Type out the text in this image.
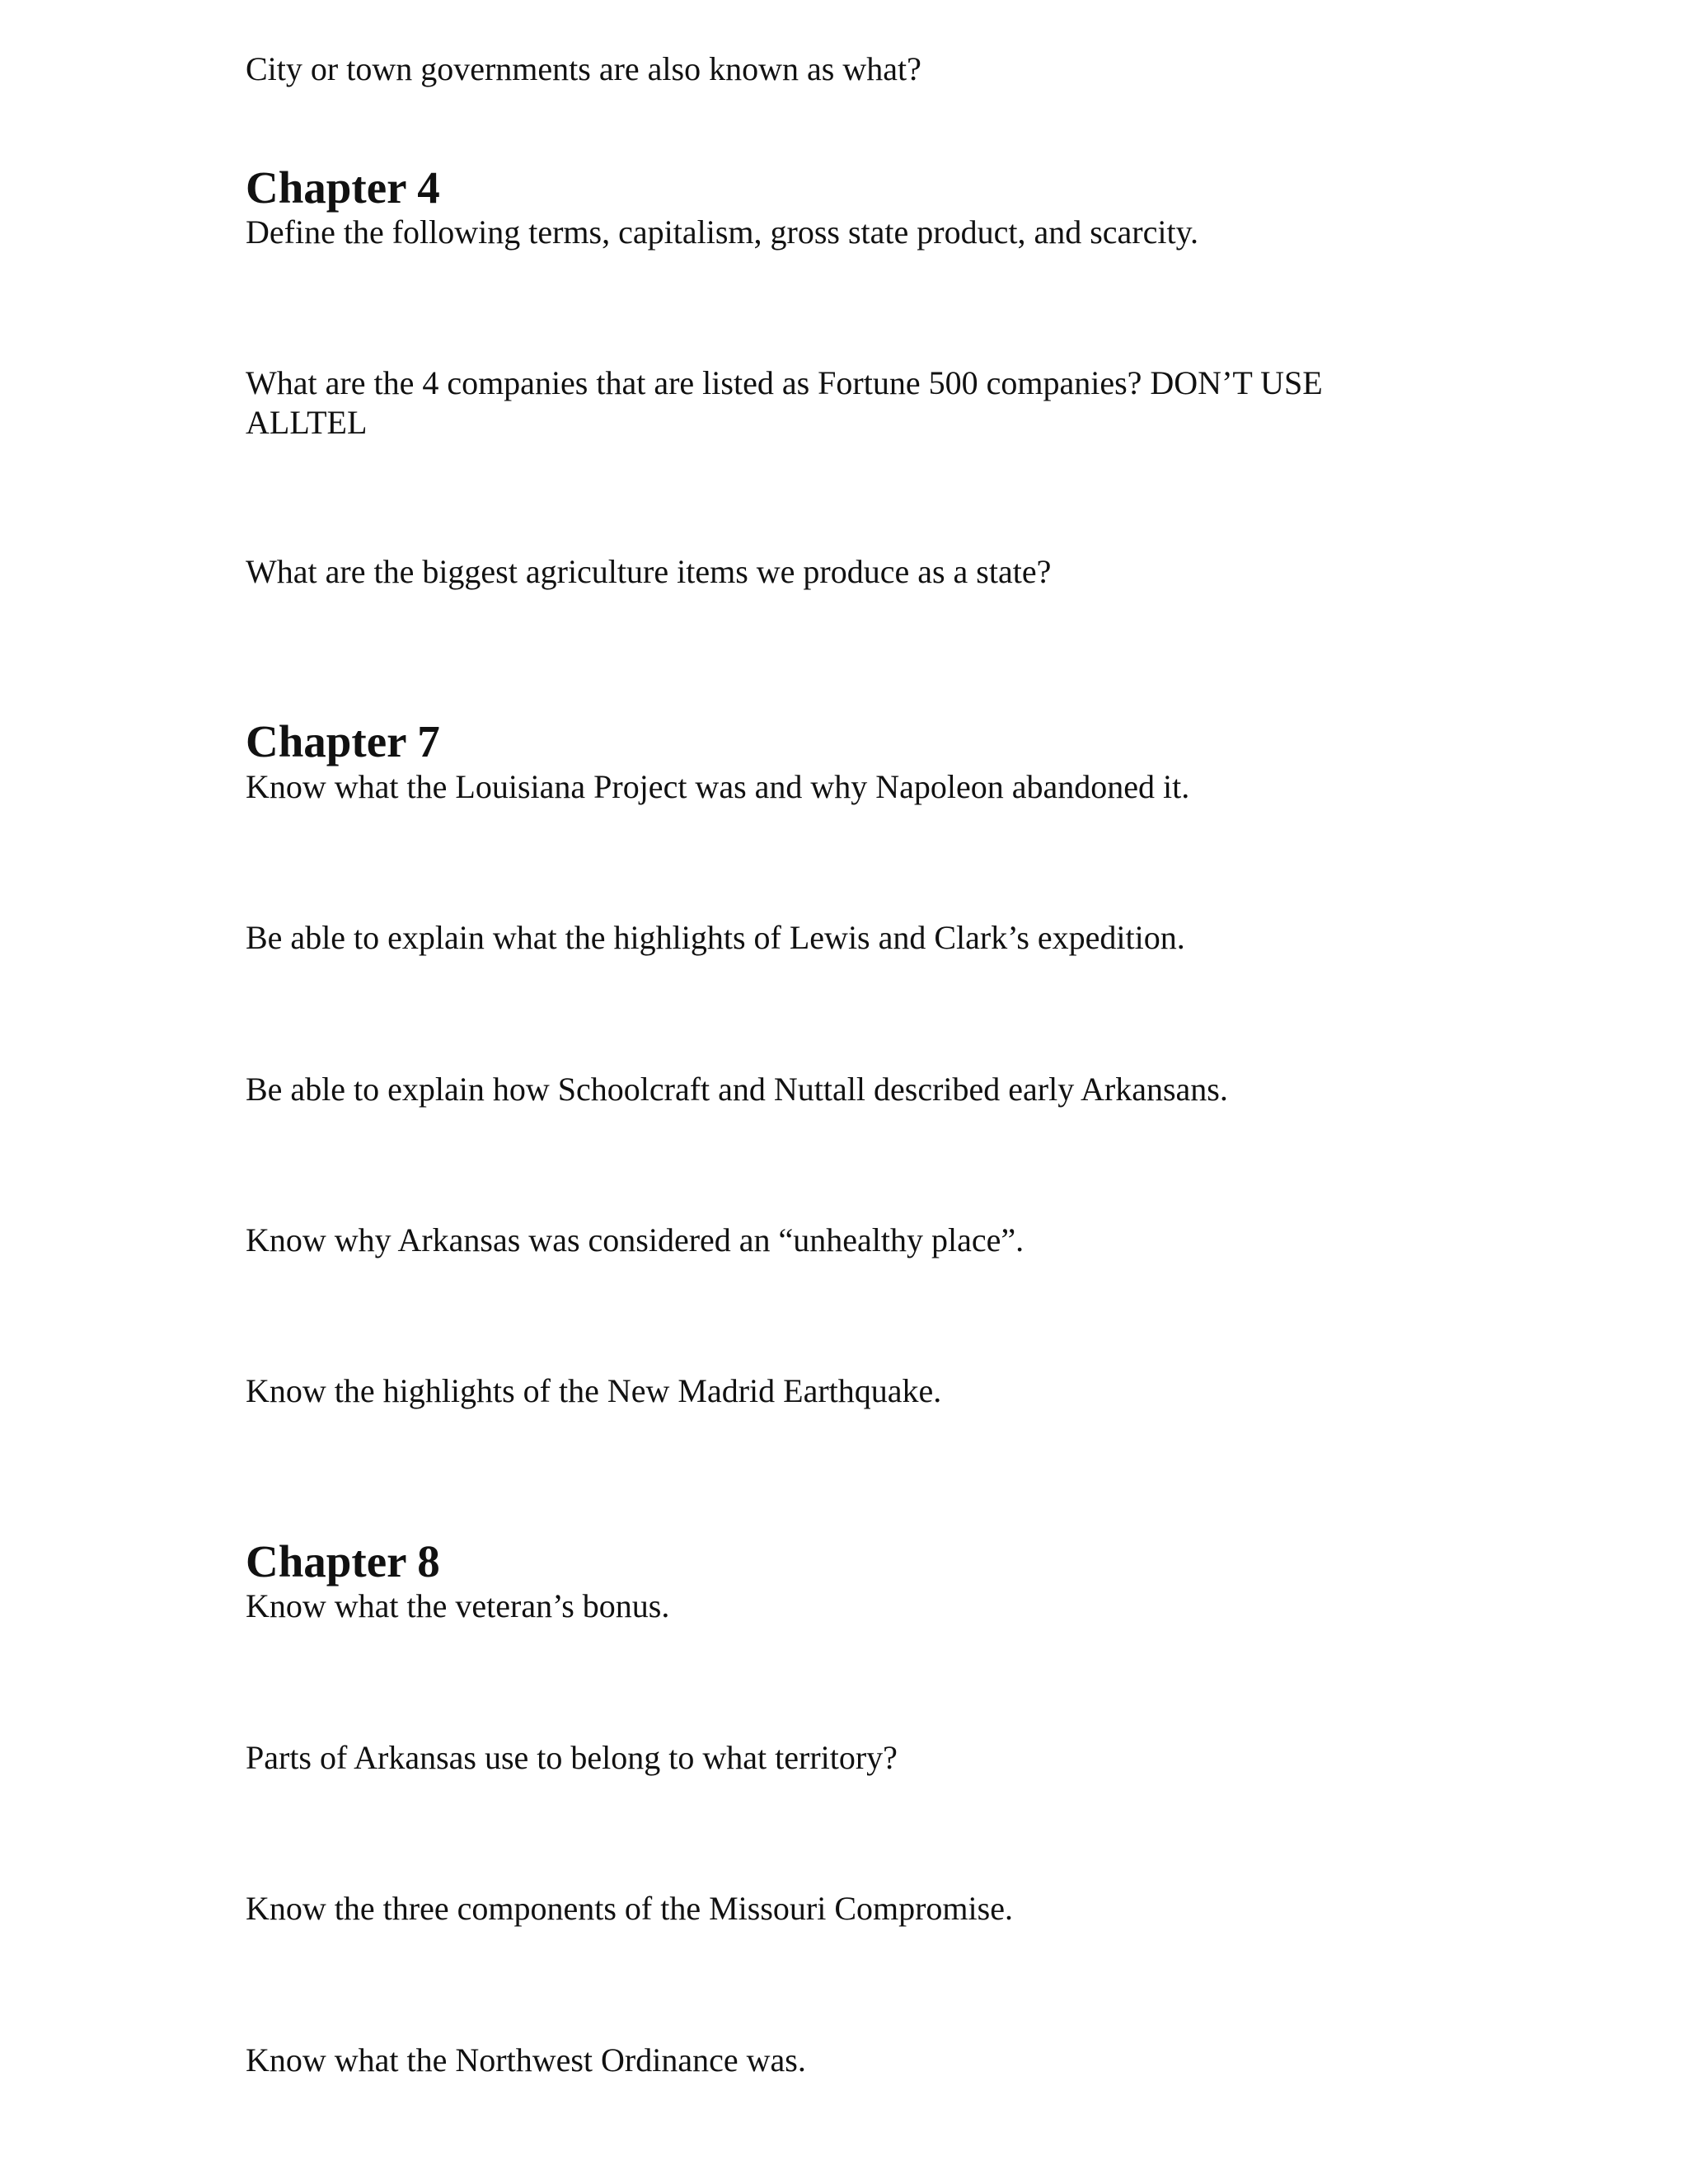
City or town governments are also known as what?

Chapter 4

Define the following terms, capitalism, gross state product, and scarcity.

What are the 4 companies that are listed as Fortune 500 companies? DON’T USE ALLTEL

What are the biggest agriculture items we produce as a state?

Chapter 7

Know what the Louisiana Project was and why Napoleon abandoned it.

Be able to explain what the highlights of Lewis and Clark’s expedition.

Be able to explain how Schoolcraft and Nuttall described early Arkansans.

Know why Arkansas was considered an “unhealthy place”.

Know the highlights of the New Madrid Earthquake.

Chapter 8

Know what the veteran’s bonus.

Parts of Arkansas use to belong to what territory?

Know the three components of the Missouri Compromise.

Know what the Northwest Ordinance was.
